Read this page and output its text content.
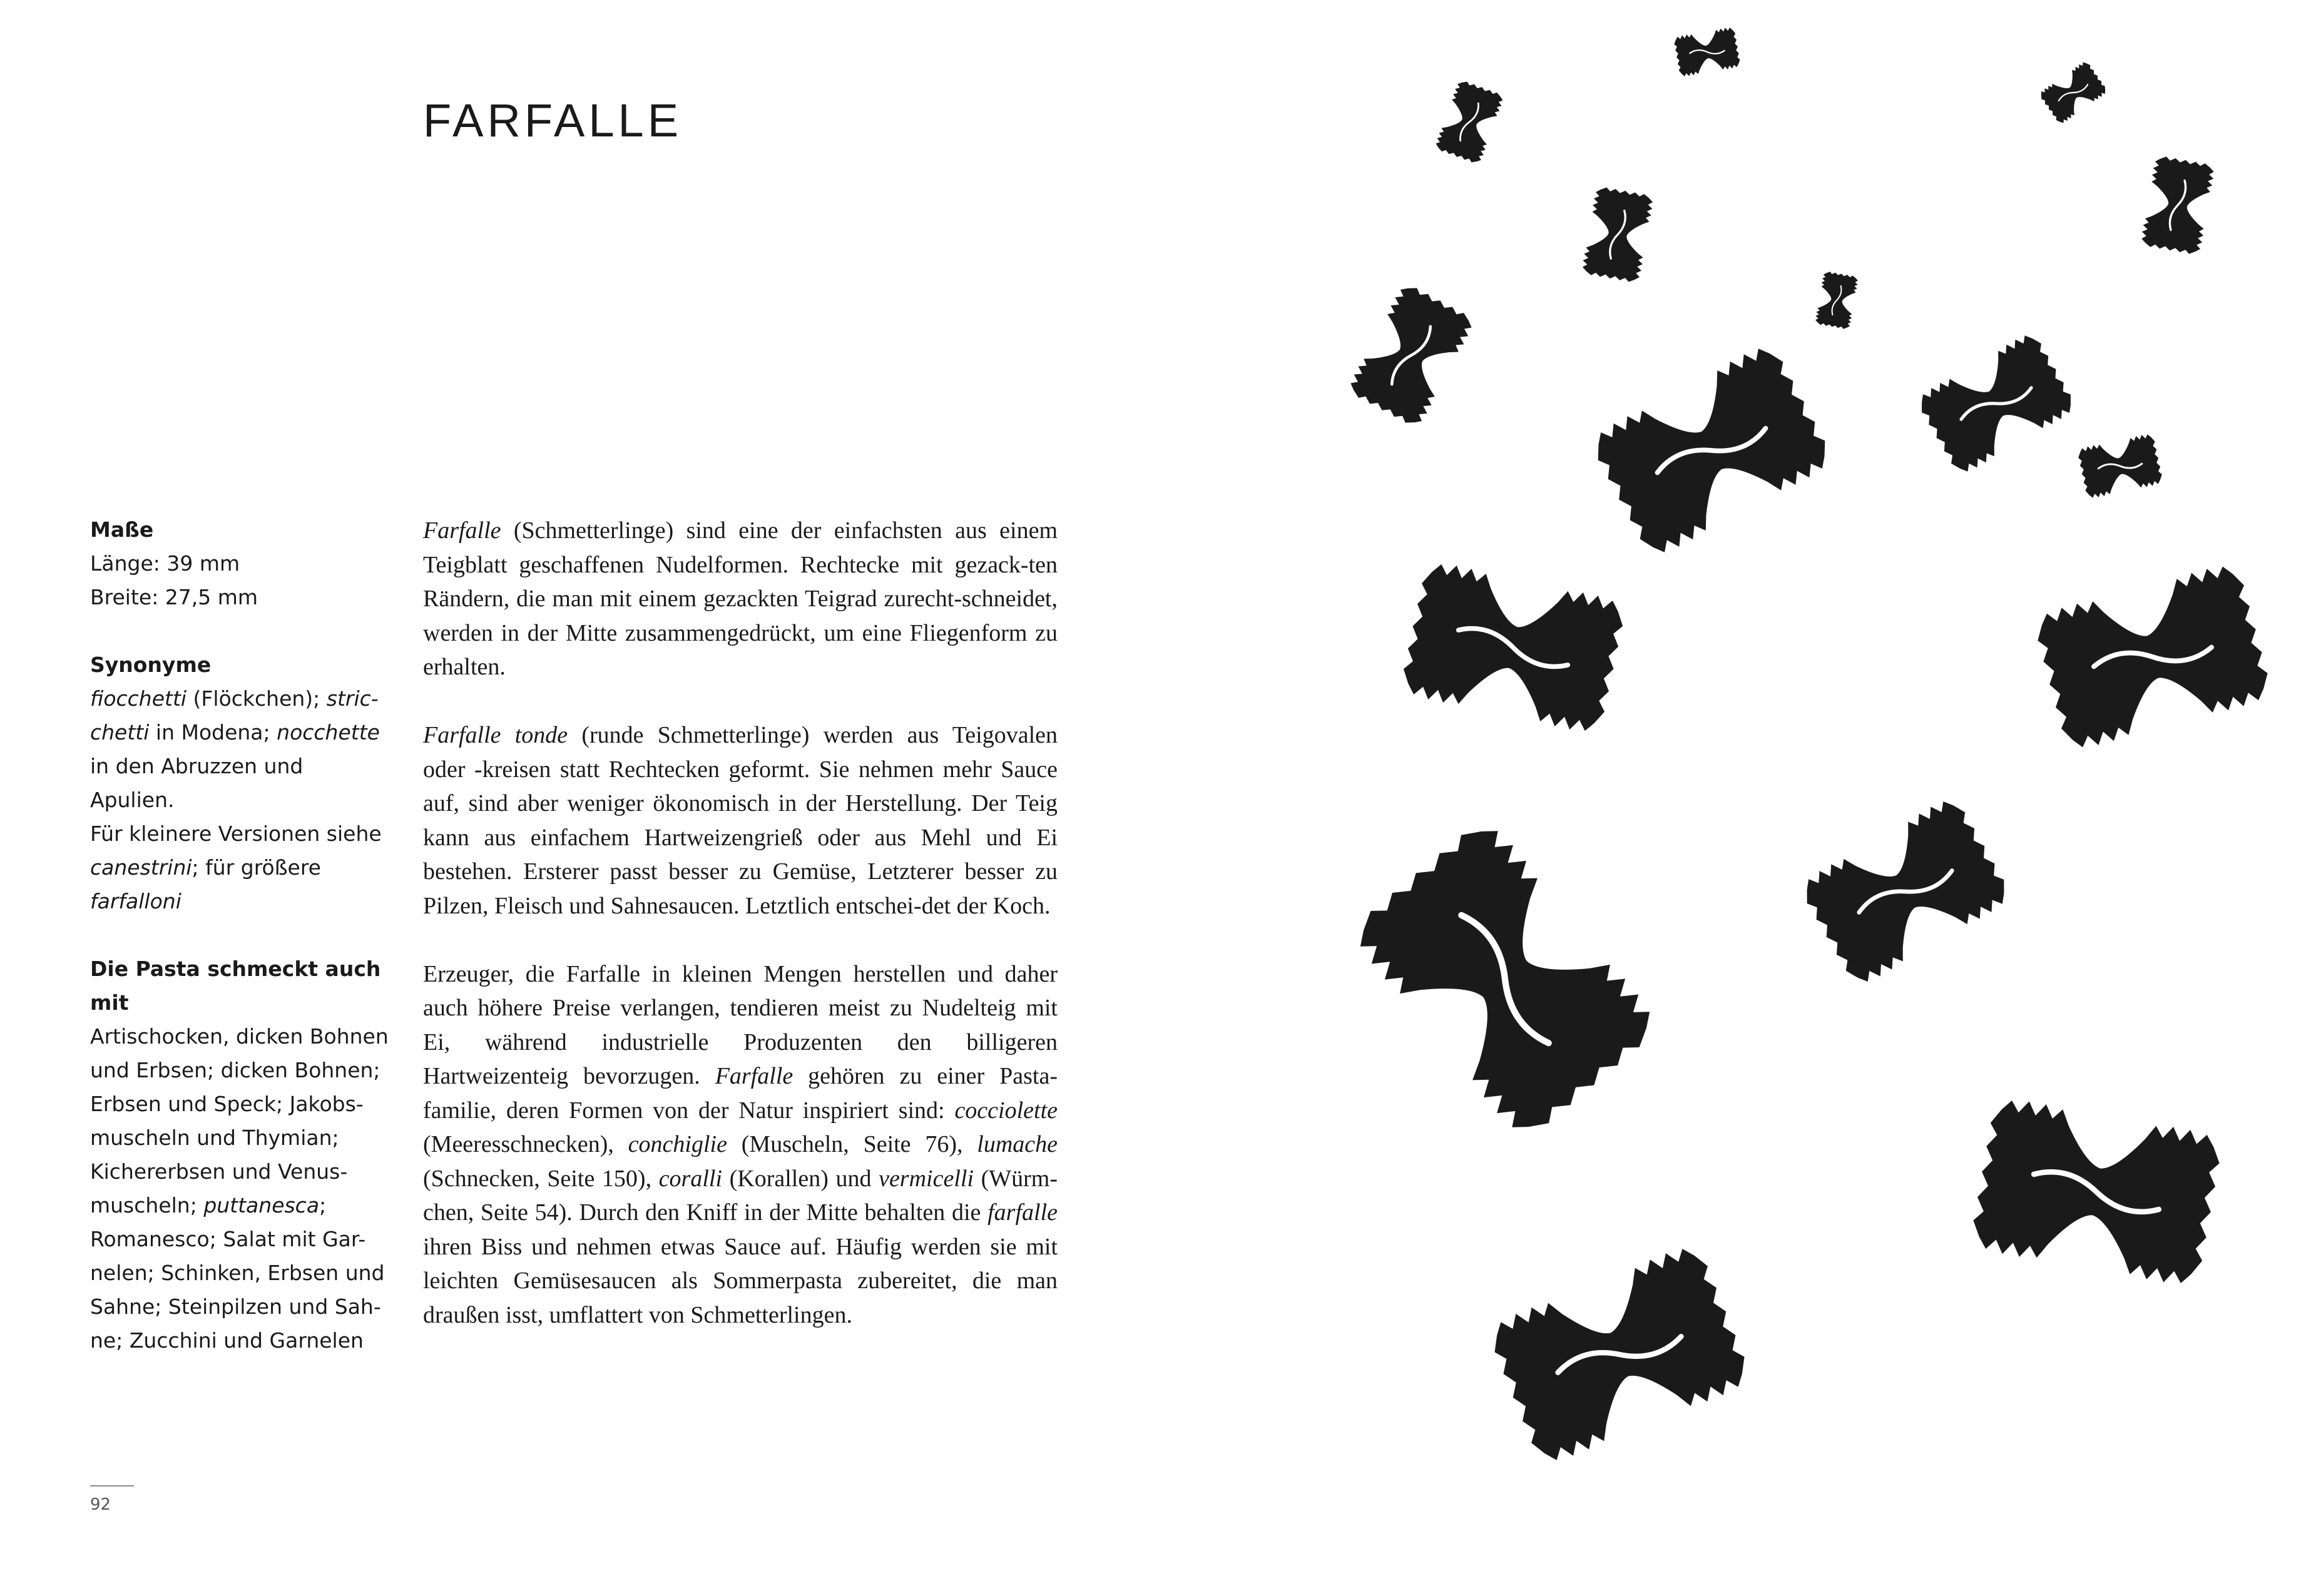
FARFALLE

Maße

Länge: 39 mm

Breite: 27,5 mm

Synonyme

fiocchetti (Flöckchen); stric-

chetti in Modena; nocchette

in den Abruzzen und Apulien.

Für kleinere Versionen siehe

canestrini; für größere

farfalloni

Die Pasta schmeckt auch mit

Artischocken, dicken Bohnen

und Erbsen; dicken Bohnen;

Erbsen und Speck; Jakobs-

muscheln und Thymian;

Kichererbsen und Venus-

muscheln; puttanesca;

Romanesco; Salat mit Gar-

nelen; Schinken, Erbsen und

Sahne; Steinpilzen und Sah-

ne; Zucchini und Garnelen

Farfalle (Schmetterlinge) sind eine der einfachsten aus einem Teigblatt geschaffenen Nudelformen. Rechtecke mit gezack-ten Rändern, die man mit einem gezackten Teigrad zurecht-schneidet, werden in der Mitte zusammengedrückt, um eine Fliegenform zu erhalten.

Farfalle tonde (runde Schmetterlinge) werden aus Teigovalen oder -kreisen statt Rechtecken geformt. Sie nehmen mehr Sauce auf, sind aber weniger ökonomisch in der Herstellung. Der Teig kann aus einfachem Hartweizengrieß oder aus Mehl und Ei bestehen. Ersterer passt besser zu Gemüse, Letzterer besser zu Pilzen, Fleisch und Sahnesaucen. Letztlich entschei-det der Koch.

Erzeuger, die Farfalle in kleinen Mengen herstellen und daher auch höhere Preise verlangen, tendieren meist zu Nudelteig mit Ei, während industrielle Produzenten den billigeren Hartweizenteig bevorzugen. Farfalle gehören zu einer Pasta-familie, deren Formen von der Natur inspiriert sind: cocciolette (Meeresschnecken), conchiglie (Muscheln, Seite 76), lumache (Schnecken, Seite 150), coralli (Korallen) und vermicelli (Würm-chen, Seite 54). Durch den Kniff in der Mitte behalten die farfalle ihren Biss und nehmen etwas Sauce auf. Häufig werden sie mit leichten Gemüsesaucen als Sommerpasta zubereitet, die man draußen isst, umflattert von Schmetterlingen.

92
